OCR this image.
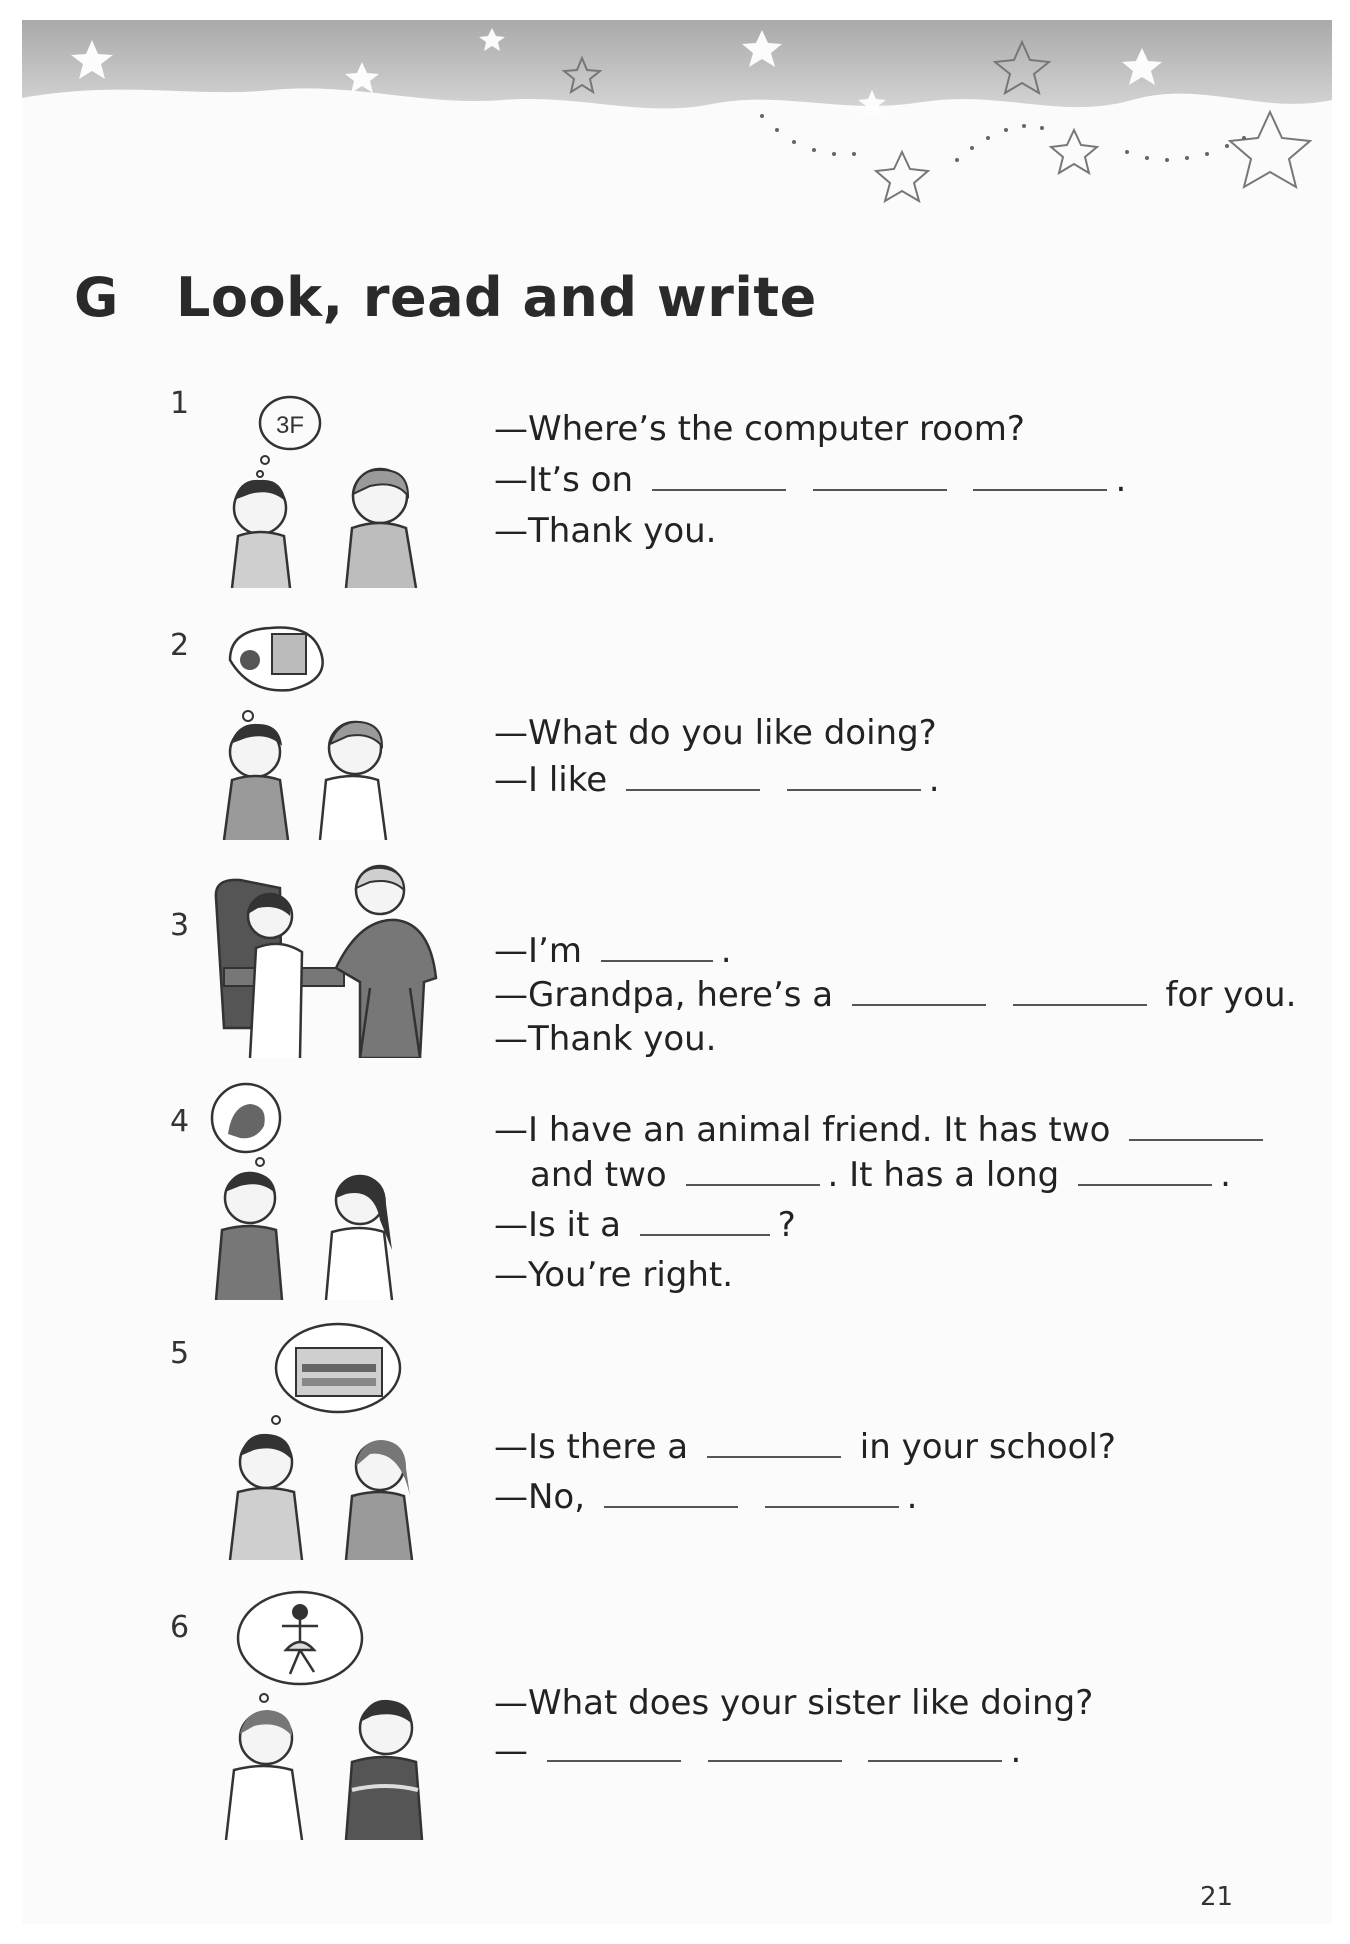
G Look, read and write
1
3F	—Where’s the computer room?
—It’s on	.
—Thank you.
2
—What do you like doing?
—I like	.
3
—I’m	.
—Grandpa, here’s a	for you.
—Thank you.
4	—I have an animal friend. It has two
and two	. It has a long	.
—Is it a	?
—You’re right.
5
—Is there a	in your school?
—No,	.
6
—What does your sister like doing?
—	.
21
